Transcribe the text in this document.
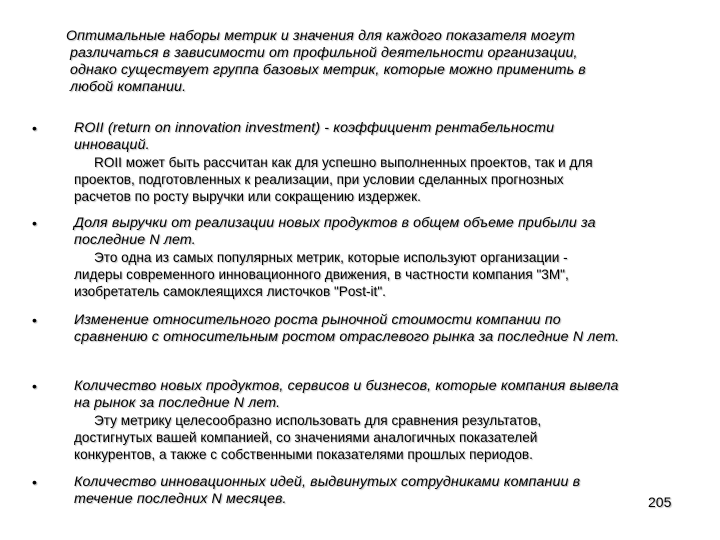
Оптимальные наборы метрик и значения для каждого показателя могут
различаться в зависимости от профильной деятельности организации,
однако существует группа базовых метрик, которые можно применить в
любой компании.
•	ROII (return on innovation investment) - коэффициент рентабельности
инноваций.
ROII может быть рассчитан как для успешно выполненных проектов, так и для
проектов, подготовленных к реализации, при условии сделанных прогнозных
расчетов по росту выручки или сокращению издержек.
•	Доля выручки от реализации новых продуктов в общем объеме прибыли за
последние N лет.
Это одна из самых популярных метрик, которые используют организации -
лидеры современного инновационного движения, в частности компания "3M",
изобретатель самоклеящихся листочков "Post-it".
•	Изменение относительного роста рыночной стоимости компании по
сравнению с относительным ростом отраслевого рынка за последние N лет.
•	Количество новых продуктов, сервисов и бизнесов, которые компания вывела
на рынок за последние N лет.
Эту метрику целесообразно использовать для сравнения результатов,
достигнутых вашей компанией, со значениями аналогичных показателей
конкурентов, а также с собственными показателями прошлых периодов.
•	Количество инновационных идей, выдвинутых сотрудниками компании в
течение последних N месяцев.	205
